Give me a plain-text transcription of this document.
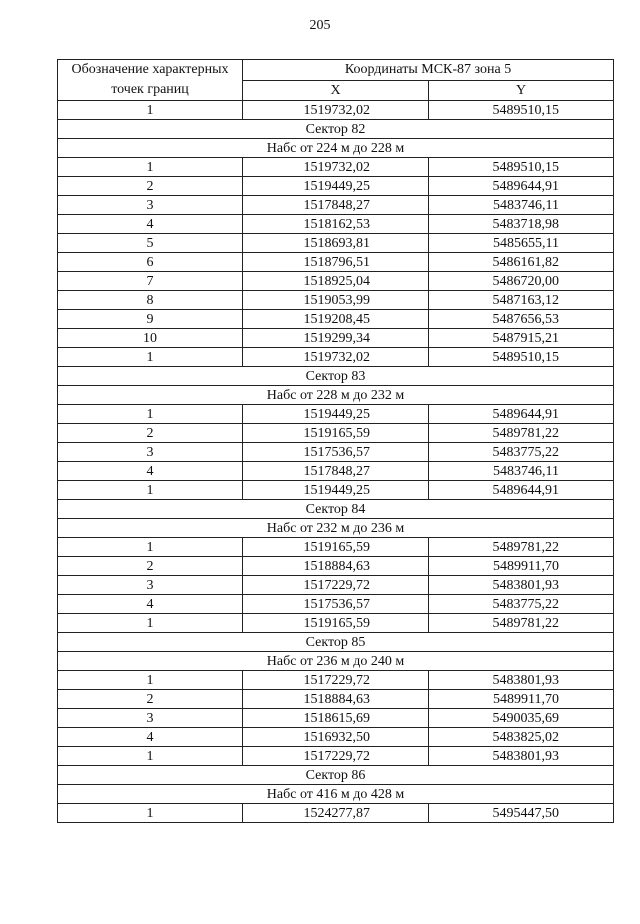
205
Обозначение характерных точек границ	Координаты МСК-87 зона 5	
	X	Y
1	1519732,02	5489510,15
Сектор 82		
Набс от 224 м до 228 м		
1	1519732,02	5489510,15
2	1519449,25	5489644,91
3	1517848,27	5483746,11
4	1518162,53	5483718,98
5	1518693,81	5485655,11
6	1518796,51	5486161,82
7	1518925,04	5486720,00
8	1519053,99	5487163,12
9	1519208,45	5487656,53
10	1519299,34	5487915,21
1	1519732,02	5489510,15
Сектор 83		
Набс от 228 м до 232 м		
1	1519449,25	5489644,91
2	1519165,59	5489781,22
3	1517536,57	5483775,22
4	1517848,27	5483746,11
1	1519449,25	5489644,91
Сектор 84		
Набс от 232 м до 236 м		
1	1519165,59	5489781,22
2	1518884,63	5489911,70
3	1517229,72	5483801,93
4	1517536,57	5483775,22
1	1519165,59	5489781,22
Сектор 85		
Набс от 236 м до 240 м		
1	1517229,72	5483801,93
2	1518884,63	5489911,70
3	1518615,69	5490035,69
4	1516932,50	5483825,02
1	1517229,72	5483801,93
Сектор 86		
Набс от 416 м до 428 м		
1	1524277,87	5495447,50
